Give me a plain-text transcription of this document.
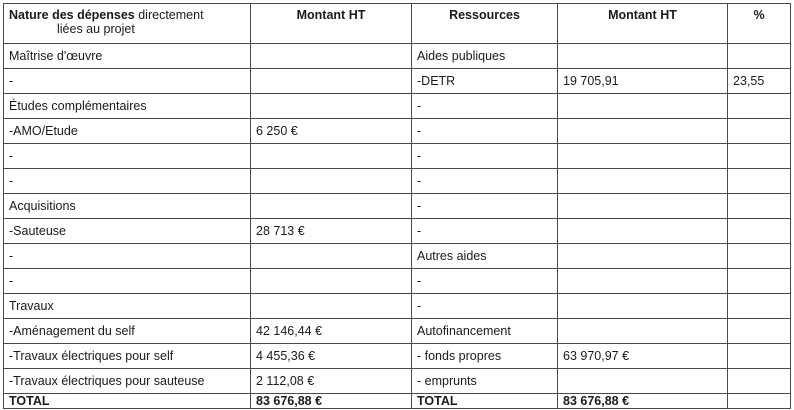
Nature des dépenses directement
liées au projet	Montant HT	Ressources	Montant HT	%
Maîtrise d'œuvre		Aides publiques		
-		-DETR	19 705,91	23,55
Études complémentaires		-		
-AMO/Etude	6 250 €	-		
-		-		
-		-		
Acquisitions		-		
-Sauteuse	28 713 €	-		
-		Autres aides		
-		-		
Travaux		-		
-Aménagement du self	42 146,44 €	Autofinancement		
-Travaux électriques pour self	4 455,36 €	- fonds propres	63 970,97 €	
-Travaux électriques pour sauteuse	2 112,08 €	- emprunts		
TOTAL	83 676,88 €	TOTAL	83 676,88 €	
